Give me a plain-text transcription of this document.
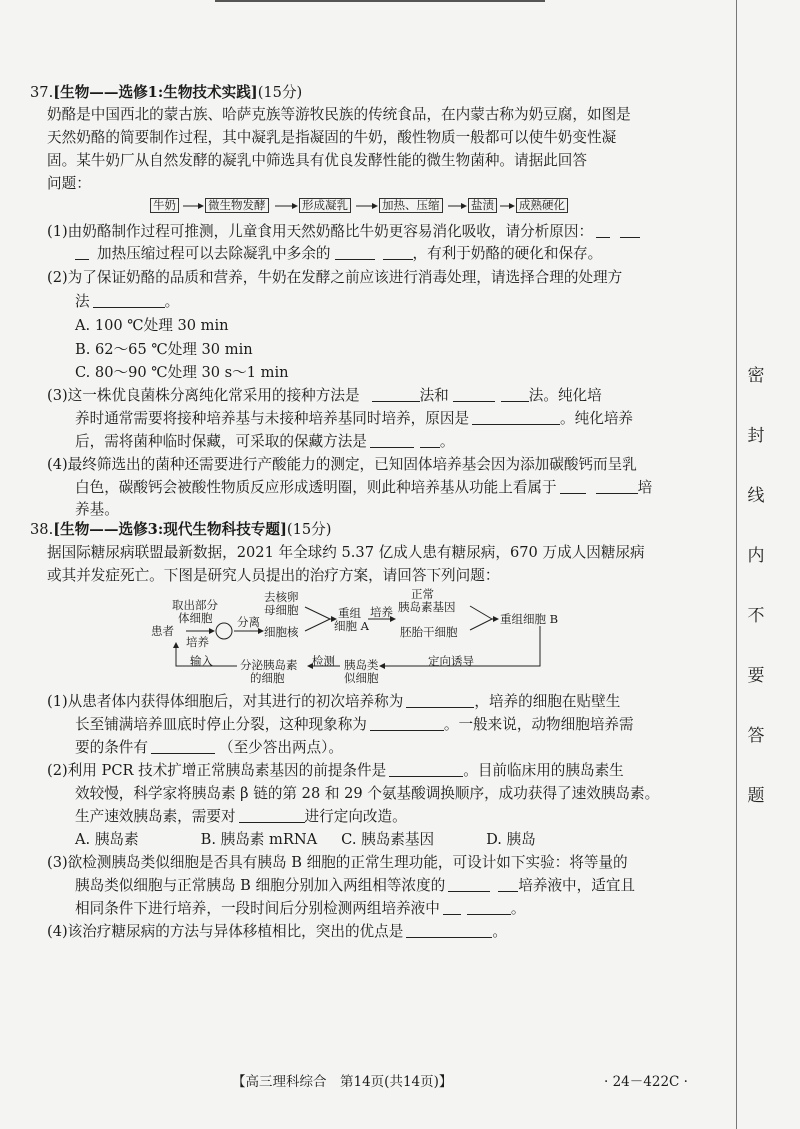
密
封
线
内
不
要
答
题
37.[生物——选修1:生物技术实践](15分)
奶酪是中国西北的蒙古族、哈萨克族等游牧民族的传统食品，在内蒙古称为奶豆腐，如图是
天然奶酪的简要制作过程，其中凝乳是指凝固的牛奶，酸性物质一般都可以使牛奶变性凝
固。某牛奶厂从自然发酵的凝乳中筛选具有优良发酵性能的微生物菌种。请据此回答
问题：
牛奶	微生物发酵	形成凝乳	加热、压缩	盐渍 成熟硬化
(1)由奶酪制作过程可推测，儿童食用天然奶酪比牛奶更容易消化吸收，请分析原因：
加热压缩过程可以去除凝乳中多余的	，有利于奶酪的硬化和保存。
(2)为了保证奶酪的品质和营养，牛奶在发酵之前应该进行消毒处理，请选择合理的处理方
法	。
A. 100 ℃处理 30 min
B. 62～65 ℃处理 30 min
C. 80～90 ℃处理 30 s～1 min
(3)这一株优良菌株分离纯化常采用的接种方法是	法和	法。纯化培
养时通常需要将接种培养基与未接种培养基同时培养，原因是	。纯化培养
后，需将菌种临时保藏，可采取的保藏方法是	。
(4)最终筛选出的菌种还需要进行产酸能力的测定，已知固体培养基会因为添加碳酸钙而呈乳
白色，碳酸钙会被酸性物质反应形成透明圈，则此种培养基从功能上看属于	培
养基。
38.[生物——选修3:现代生物科技专题](15分)
据国际糖尿病联盟最新数据，2021 年全球约 5.37 亿成人患有糖尿病，670 万成人因糖尿病
或其并发症死亡。下图是研究人员提出的治疗方案，请回答下列问题：
患者
取出部分
体细胞
培养
分离
细胞核
去核卵
母细胞	重组
细胞 A
培养
正常
胰岛素基因
胚胎干细胞
重组细胞 B
定向诱导
胰岛类
似细胞
检测
分泌胰岛素
的细胞
输入
(1)从患者体内获得体细胞后，对其进行的初次培养称为	，培养的细胞在贴壁生
长至铺满培养皿底时停止分裂，这种现象称为	。一般来说，动物细胞培养需
要的条件有	（至少答出两点）。
(2)利用 PCR 技术扩增正常胰岛素基因的前提条件是	。目前临床用的胰岛素生
效较慢，科学家将胰岛素 β 链的第 28 和 29 个氨基酸调换顺序，成功获得了速效胰岛素。
生产速效胰岛素，需要对	进行定向改造。
A. 胰岛素	B. 胰岛素 mRNA C. 胰岛素基因	D. 胰岛
(3)欲检测胰岛类似细胞是否具有胰岛 B 细胞的正常生理功能，可设计如下实验：将等量的
胰岛类似细胞与正常胰岛 B 细胞分别加入两组相等浓度的	培养液中，适宜且
相同条件下进行培养，一段时间后分别检测两组培养液中	。
(4)该治疗糖尿病的方法与异体移植相比，突出的优点是	。
【高三理科综合　第14页(共14页)】	· 24－422C ·
